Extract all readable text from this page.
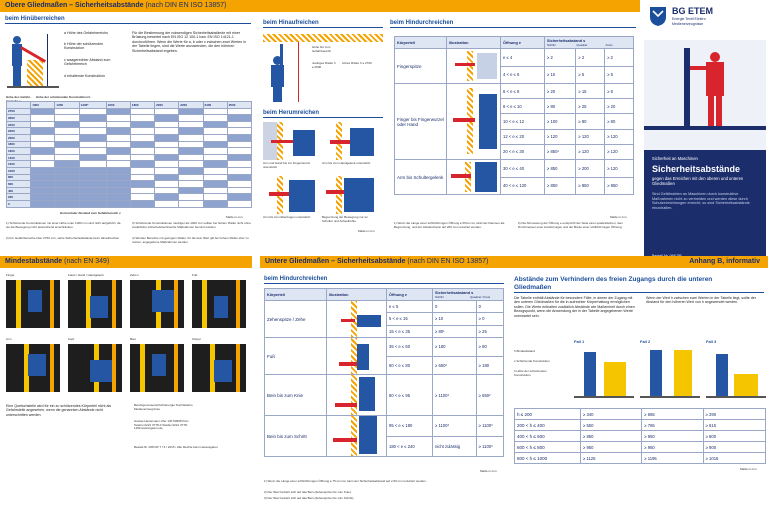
Obere Gliedmaßen – Sicherheitsabstände (nach DIN EN ISO 13857)
BG ETEM
Energie Textil Elektro
Medienerzeugnisse
beim Hinüberreichen
a Höhe des Gefahrbereichs
b Höhe der schützenden Konstruktion
c waagerechter Abstand zum Gefahrbereich
d erhaltende Konstruktion
Für die Bestimmung der notwendigen Sicherheitsabstände mit einer Brüstung bewertet nach EN ISO 12 100-1 bzw. EN ISO 14121-1 durchzuführen. Wenn die Werte für a, b oder c zwischen zwei Werten in der Tabelle liegen, sind die Werte anzuwenden, die den höheren Sicherheitsabstand ergeben.
Höhe des Gefahr-	Höhe der schützenden Konstruktion b
	1000	1200	1400*	1600	1800	2000	2200	2400	2500
2700									
2600									
2400									
2200									
2000									
1800									
1600									
1400									
1200									
1000									
800									
600									
400									
200									
0									
Horizontaler Abstand zum Gefahrbereich c
Maße in mm
1) Schützende Konstruktionen mit einer Höhe unter 1000 mm sind nicht aufgeführt, da sie die Bewegung nicht ausreichend einschränken.
2) Für Gefahrbereiche über 2700 mm, siehe Sicherheitsabstände beim Hinaufreichen.
3) Schützende Konstruktionen niedriger als 1400 mm sollten bei hohem Risiko nicht ohne zusätzliche sicherheitstechnische Maßnahmen benutzt werden.
4) Werden Bereiche mit geringem Risiko, für die kein Wert gilt bei hohem Risiko eher zu nutzen, angegebene Maßnahmen werden.
beim Hinaufreichen
Höhe bis zum Gefahrbereich
niedriges Risiko h ≥ 2500
hohes Risiko h ≥ 2700
beim Herumreichen
Arm und Hand bis zur Fingerwurzel unterstützt
Arm bis zum Handgelenk unterstützt
Arm bis zum Ellenbogen unterstützt	Begrenzung der Bewegung nur an Schulter und Achselhöhle
Maße in mm
beim Hindurchreichen
Körperteil	Illustration	Öffnung e	Sicherheitsabstand s
Schlitz Quadrat Kreis		

Fingerspitze		e ≤ 4	≥ 2	≥ 2	≥ 2
		4 < e ≤ 6	≥ 10	≥ 5	≥ 5
Finger bis Fingerwurzel oder Hand		6 < e ≤ 8	≥ 20	≥ 15	≥ 5
		8 < e ≤ 10	≥ 80	≥ 25	≥ 20
		10 < e ≤ 12	≥ 100	≥ 80	≥ 80
		12 < e ≤ 20	≥ 120	≥ 120	≥ 120
		20 < e ≤ 30	≥ 850¹	≥ 120	≥ 120
Arm bis Schultergelenk		30 < e ≤ 40	≥ 850	≥ 200	≥ 120
		40 < e ≤ 120	≥ 850	≥ 850	≥ 850
Maße in mm
1) Wenn die Länge einer schlitzförmigen Öffnung ≤ 65mm ist, wirkt der Daumen als Begrenzung, und der Abstand kann auf 200 mm reduziert werden.
2) Die Abmessung der Öffnung e entspricht der Seite einer quadratischen, dem Durchmesser einer kreisförmigen und der Breite einer schlitzförmigen Öffnung.
Sicherheit an Maschinen
Sicherheitsabstände
gegen das Erreichen mit den oberen und unteren Gliedmaßen
Sind Gefährdeten an Maschinen durch konstruktive Maßnahmen nicht zu vermeiden und werden diese durch Schutzeinrichtungen erreicht, so sind Sicherheitsabstände einzuhalten.
Mindestabstände (nach EN 349)	Untere Gliedmaßen – Sicherheitsabstände (nach DIN EN ISO 13857)	Anhang B, informativ
Finger	Faust / Hand / Handgelenk	Zehen	Fuß
Arm	Kopf	Bein	Körper
Eine Quetschstelle wird für ein zu schützendes Körperteil nicht als Gefahrstelle angesehen, wenn die genannten Abstände nicht unterschritten werden.
Berufsgenossenschaft Energie Textil Elektro Medienerzeugnisse
Gustav-Heinemann-Ufer 130 50968 Köln Telefon 0221 3778-0 Telefax 0221 3778-1199 www.bgetem.de
Bestell-Nr. 068 DP 7 / 6 / 2015 • Alle Rechte beim Herausgeber
beim Hindurchreichen
Körperteil	Illustration	Öffnung e	Sicherheitsabstand s
Schlitz Quadrat / Kreis	

Zehenspitze / Zehe		e ≤ 5	0	0
		5 < e ≤ 15	≥ 10	≥ 0
		15 < e ≤ 35	≥ 80¹	≥ 25
Fuß		35 < e ≤ 60	≥ 180	≥ 80
		60 < e ≤ 80	≥ 650²	≥ 180
Bein bis zum Knie		80 < e ≤ 95	≥ 1100³	≥ 650²
Bein bis zum Schritt		95 < e ≤ 180	≥ 1100³	≥ 1100³
		180 < e ≤ 240	nicht zulässig	≥ 1100³
Maße in mm
1) Wenn die Länge einer schlitzförmigen Öffnung ≤ 75 mm ist, kann der Sicherheitsabstand auf ≥ 50 mm reduziert werden.
2) Der Wert bezieht sich auf das Bein (Zehenspitze bis zum Knie).
3) Der Wert bezieht sich auf das Bein (Zehenspitze bis zum Schritt).
Abstände zum Verhindern des freien Zugangs durch die unteren Gliedmaßen
Die Tabelle enthält Abstände für besondere Fälle, in denen der Zugang mit den unteren Gliedmaßen für die in aufrechter Körperhaltung ermöglichen sollen. Die Werte enthalten zusätzlich Abstände wie Maßeinheit durch einen Bezugspunkt, wenn die Anwendung der in der Tabelle angegebenen Werte unerwartet sein.
Wenn der Wert h zwischen zwei Werten in der Tabelle liegt, sollte der Abstand für den höheren Wert von h angewendet werden.
h Bindeabstand
s Schützende Konstruktion
h Höhe der schützenden Konstruktion
Fall 1	Fall 2	Fall 3
h ≤ 200	≥ 340	≥ 665	≥ 290
200 < h ≤ 400	≥ 550	≥ 765	≥ 615
400 < h ≤ 600	≥ 850	≥ 950	≥ 800
600 < h ≤ 800	≥ 950	≥ 950	≥ 900
800 < h ≤ 1000	≥ 1125	≥ 1195	≥ 1015
Maße in mm
